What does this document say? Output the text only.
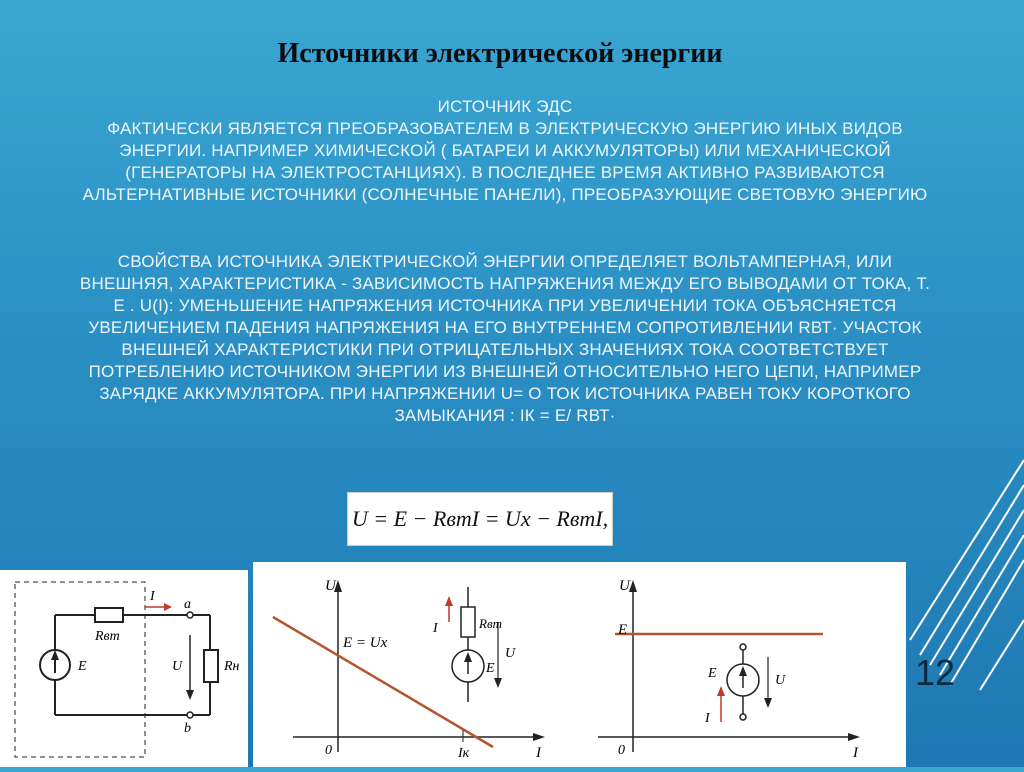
Источники электрической энергии
ИСТОЧНИК ЭДС
ФАКТИЧЕСКИ ЯВЛЯЕТСЯ ПРЕОБРАЗОВАТЕЛЕМ В ЭЛЕКТРИЧЕСКУЮ ЭНЕРГИЮ ИНЫХ ВИДОВ ЭНЕРГИИ. НАПРИМЕР ХИМИЧЕСКОЙ ( БАТАРЕИ И АККУМУЛЯТОРЫ) ИЛИ МЕХАНИЧЕСКОЙ (ГЕНЕРАТОРЫ НА ЭЛЕКТРОСТАНЦИЯХ). В ПОСЛЕДНЕЕ ВРЕМЯ АКТИВНО РАЗВИВАЮТСЯ АЛЬТЕРНАТИВНЫЕ ИСТОЧНИКИ (СОЛНЕЧНЫЕ ПАНЕЛИ), ПРЕОБРАЗУЮЩИЕ СВЕТОВУЮ ЭНЕРГИЮ
СВОЙСТВА ИСТОЧНИКА ЭЛЕКТРИЧЕСКОЙ ЭНЕРГИИ ОПРЕДЕЛЯЕТ ВОЛЬТАМПЕРНАЯ, ИЛИ ВНЕШНЯЯ, ХАРАКТЕРИСТИКА - ЗАВИСИМОСТЬ НАПРЯЖЕНИЯ МЕЖДУ ЕГО ВЫВОДАМИ ОТ ТОКА, Т. Е . U(I): УМЕНЬШЕНИЕ НАПРЯЖЕНИЯ ИСТОЧНИКА ПРИ УВЕЛИЧЕНИИ ТОКА ОБЪЯСНЯЕТСЯ УВЕЛИЧЕНИЕМ ПАДЕНИЯ НАПРЯЖЕНИЯ НА ЕГО ВНУТРЕННЕМ СОПРОТИВЛЕНИИ RВТ· УЧАСТОК ВНЕШНЕЙ ХАРАКТЕРИСТИКИ ПРИ ОТРИЦАТЕЛЬНЫХ ЗНАЧЕНИЯХ ТОКА СООТВЕТСТВУЕТ ПОТРЕБЛЕНИЮ ИСТОЧНИКОМ ЭНЕРГИИ ИЗ ВНЕШНЕЙ ОТНОСИТЕЛЬНО НЕГО ЦЕПИ, НАПРИМЕР ЗАРЯДКЕ АККУМУЛЯТОРА. ПРИ НАПРЯЖЕНИИ U= О ТОК ИСТОЧНИКА РАВЕН ТОКУ КОРОТКОГО ЗАМЫКАНИЯ : IК = E/ RВТ·
U = E − RвтI = Uх − RвтI,
I
a
b
Rвт
Rн
E	U
U
I
0
E = Uх
Iк
I	Rвт
E
U
U
I
0
E
E	U
I
12
